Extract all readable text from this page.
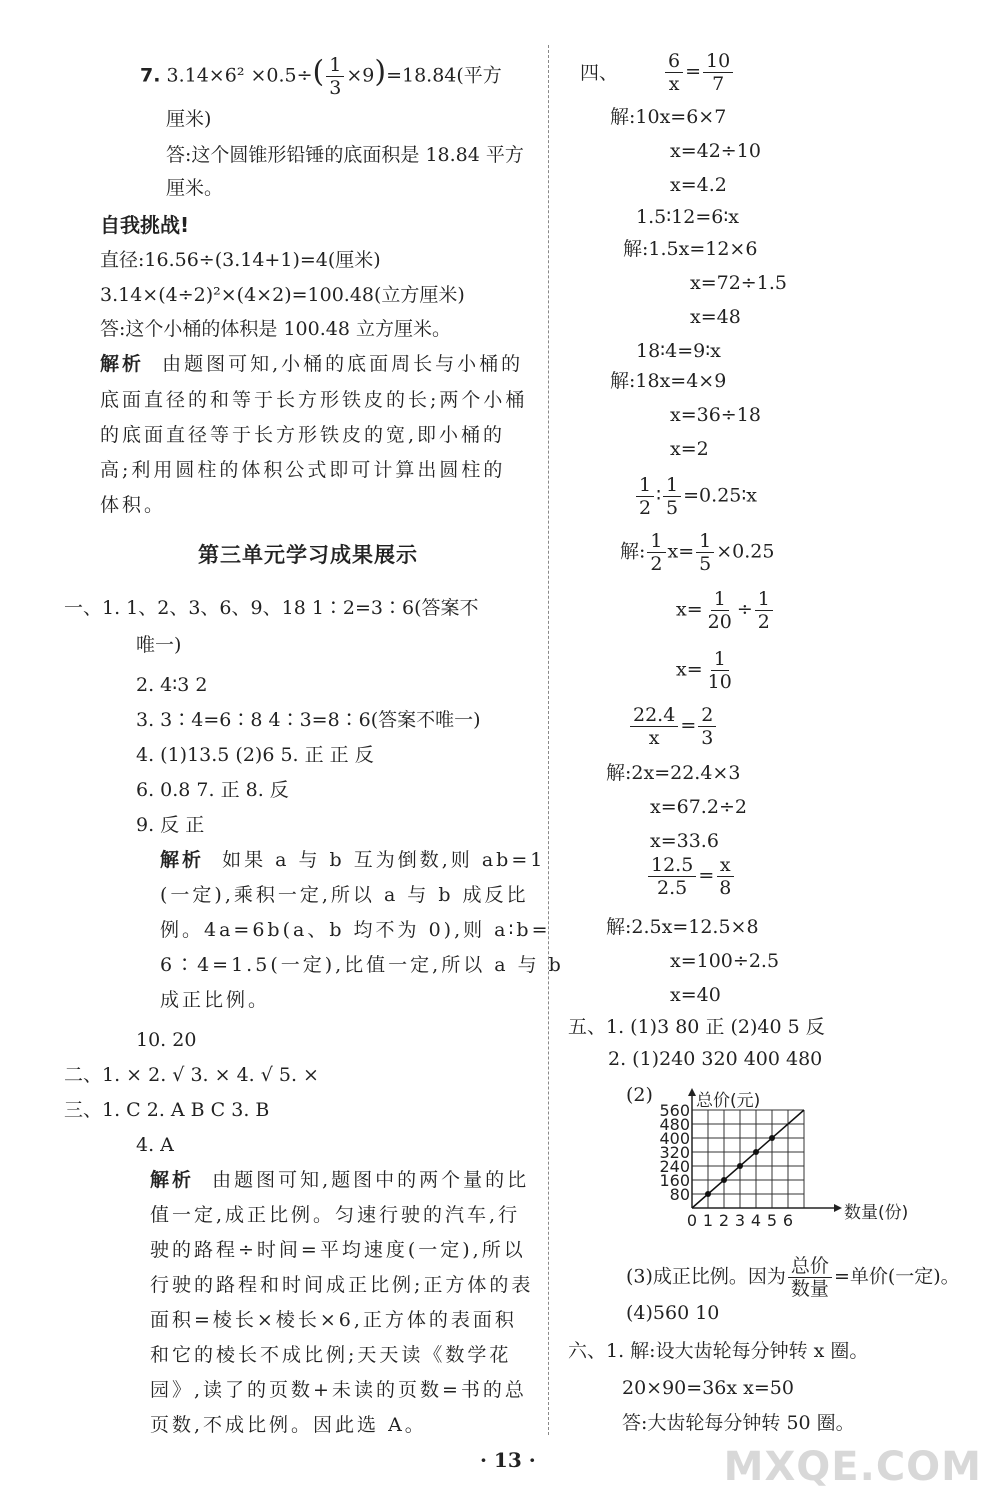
7. $3.14\times 6^2 \times 0.5\div( \frac{1}{3} \times 9)=18.84$(平方
厘米)
答:这个圆锥形铅锤的底面积是 18.84 平方
厘米。
自我挑战!
直径:16.56÷(3.14+1)=4(厘米)
3.14×(4÷2)²×(4×2)=100.48(立方厘米)
答:这个小桶的体积是 100.48 立方厘米。
解析 由题图可知,小桶的底面周长与小桶的
底面直径的和等于长方形铁皮的长;两个小桶
的底面直径等于长方形铁皮的宽,即小桶的
高;利用圆柱的体积公式即可计算出圆柱的
体积。
第三单元学习成果展示
一、1. 1、2、3、6、9、18 1∶2=3∶6(答案不
唯一)
2. 4∶3 2
3. 3∶4=6∶8 4∶3=8∶6(答案不唯一)
4. (1)13.5 (2)6 5. 正 正 反
6. 0.8 7. 正 8. 反
9. 反 正
解析 如果 a 与 b 互为倒数,则 ab=1
(一定),乘积一定,所以 a 与 b 成反比
例。4a=6b(a、b 均不为 0),则 a∶b=
6∶4=1.5(一定),比值一定,所以 a 与 b
成正比例。
10. 20
二、1. × 2. √ 3. × 4. √ 5. ×
三、1. C 2. A B C 3. B
4. A
解析 由题图可知,题图中的两个量的比
值一定,成正比例。匀速行驶的汽车,行
驶的路程÷时间=平均速度(一定),所以
行驶的路程和时间成正比例;正方体的表
面积=棱长×棱长×6,正方体的表面积
和它的棱长不成比例;天天读《数学花
园》,读了的页数+未读的页数=书的总
页数,不成比例。因此选 A。
四、 $\frac{6}{x} = \frac{10}{7}$
解:10x=6×7
x=42÷10
x=4.2
1.5∶12=6∶x
解:1.5x=12×6
x=72÷1.5
x=48
18∶4=9∶x
解:18x=4×9
x=36÷18
x=2
$\frac{1}{2}$ ∶ $\frac{1}{5}$ =0.25∶x
解: $\frac{1}{2} x= \frac{1}{5} \times 0.25$
$x= \frac{1}{20} \div \frac{1}{2}$
$x= \frac{1}{10}$
$\frac{22.4}{x} = \frac{2}{3}$
解:2x=22.4×3
x=67.2÷2
x=33.6
$\frac{12.5}{2.5} = \frac{x}{8}$
解:2.5x=12.5×8
x=100÷2.5
x=40
五、1. (1)3 80 正 (2)40 5 反
2. (1)240 320 400 480
(2)
80
160
240
320
400
480
560
0 1 2 3 4 5 6
总价(元)
数量(份)
(3)成正比例。因为 $\frac{\text{总价}}{\text{数量}}$ =单价(一定)。
(4)560 10
六、1. 解:设大齿轮每分钟转 x 圈。
20×90=36x x=50
答:大齿轮每分钟转 50 圈。
· 13 ·	MXQE.COM
